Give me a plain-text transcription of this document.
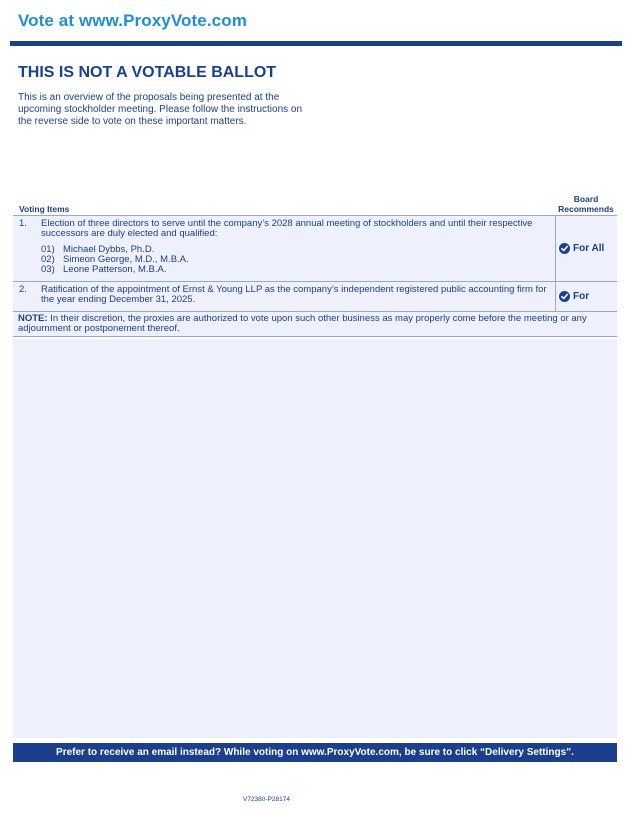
Vote at www.ProxyVote.com
THIS IS NOT A VOTABLE BALLOT
This is an overview of the proposals being presented at the upcoming stockholder meeting. Please follow the instructions on the reverse side to vote on these important matters.
Voting Items
Board
Recommends
1. Election of three directors to serve until the company’s 2028 annual meeting of stockholders and until their respective successors are duly elected and qualified:
01) Michael Dybbs, Ph.D.
02) Simeon George, M.D., M.B.A.
03) Leone Patterson, M.B.A.
For All
2. Ratification of the appointment of Ernst & Young LLP as the company’s independent registered public accounting firm for the year ending December 31, 2025.	For
NOTE: In their discretion, the proxies are authorized to vote upon such other business as may properly come before the meeting or any adjournment or postponement thereof.
Prefer to receive an email instead? While voting on www.ProxyVote.com, be sure to click “Delivery Settings”.
V72380-P28174
